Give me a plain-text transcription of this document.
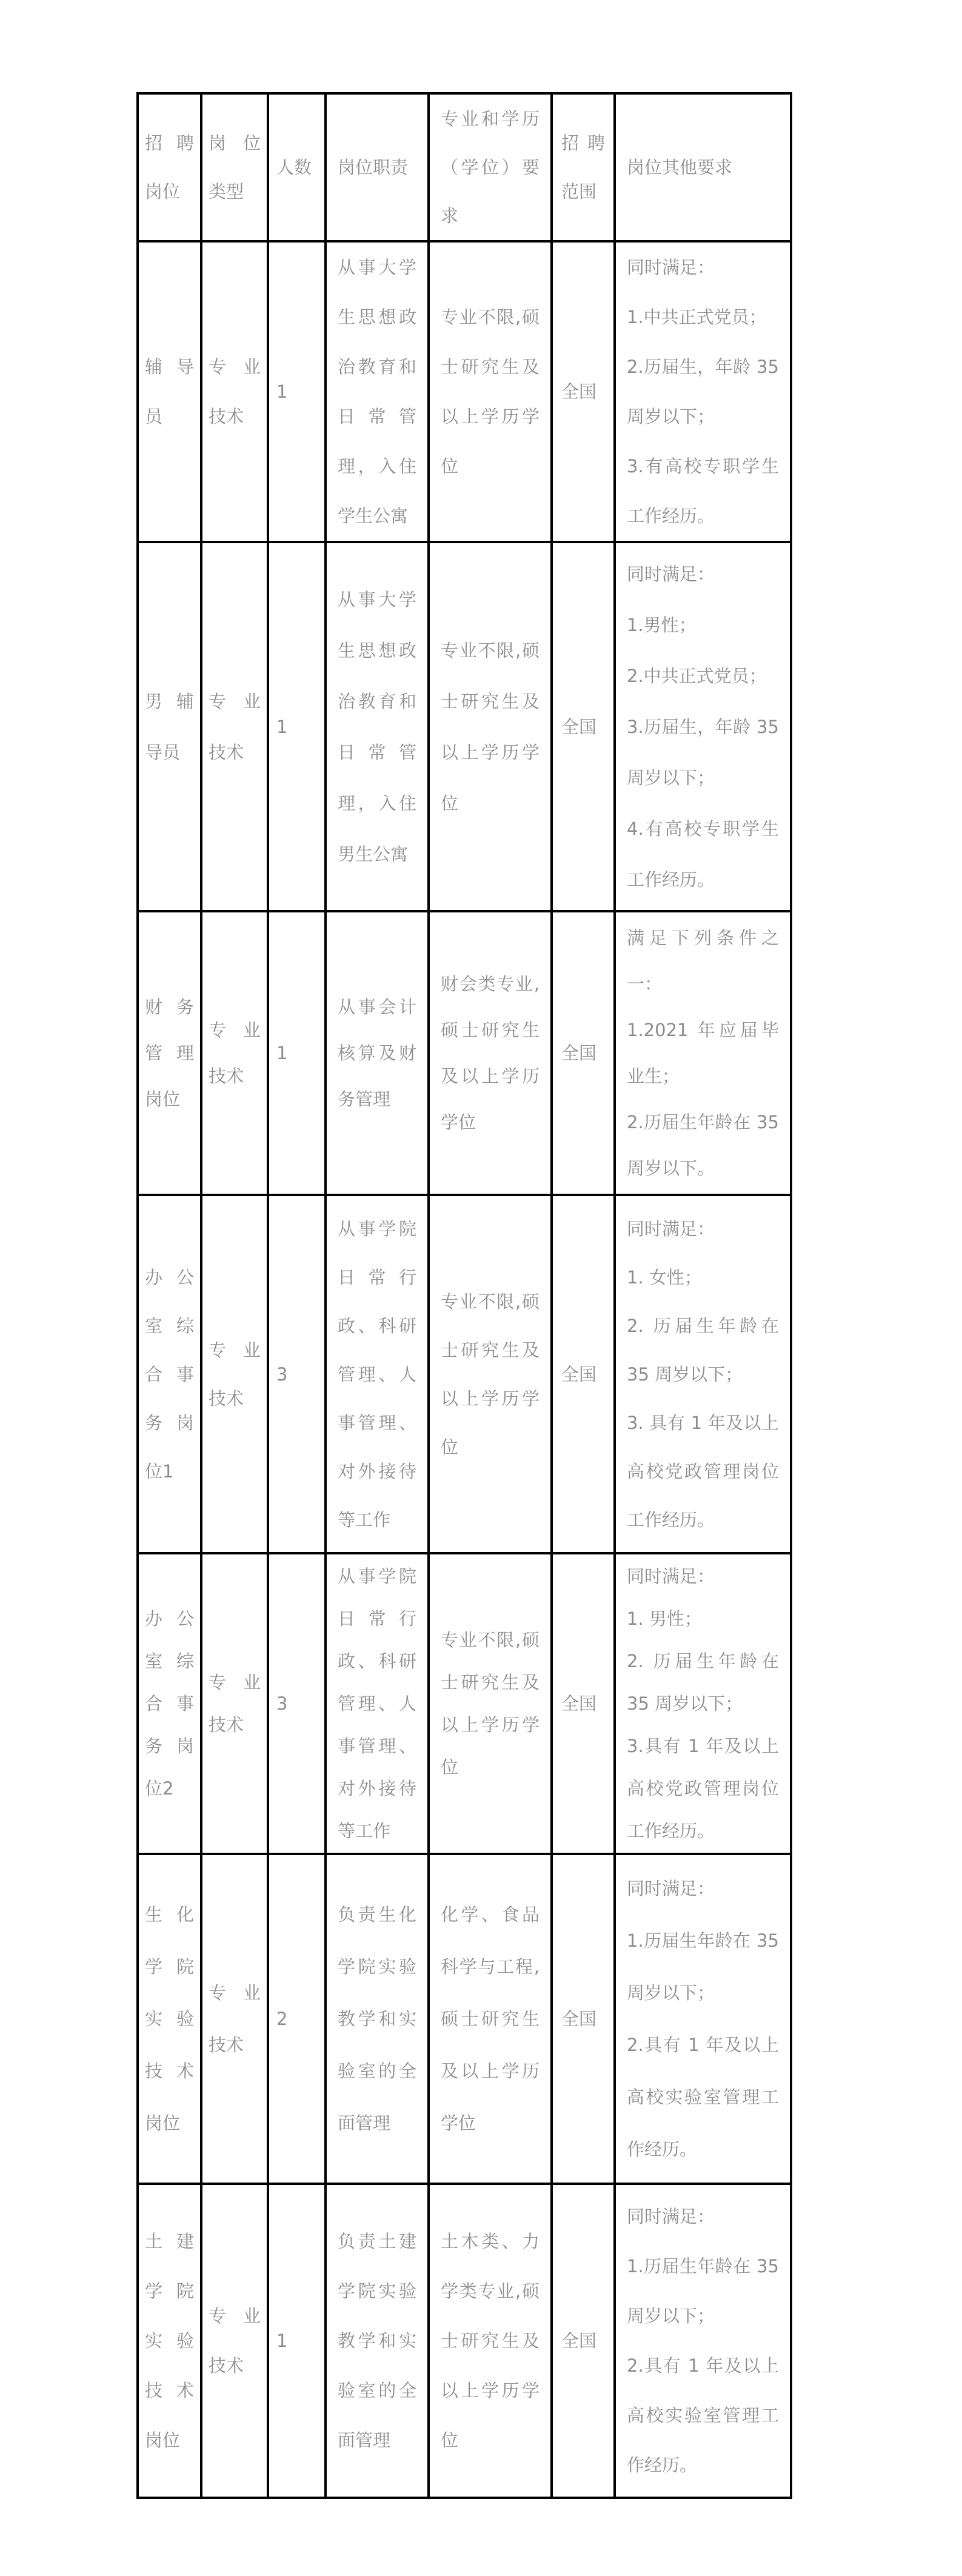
招聘岗位	岗位类型	人数	岗位职责	专业和学历（学位）要求	招聘范围	岗位其他要求
辅导员	专业技术	1	从事大学生思想政治教育和日常管理，入住学生公寓	专业不限,硕士研究生及以上学历学位	全国	同时满足：
1.中共正式党员；
2.历届生，年龄 35 周岁以下；
3.有高校专职学生工作经历。

男辅导员	专业技术	1	从事大学生思想政治教育和日常管理，入住男生公寓	专业不限,硕士研究生及以上学历学位	全国	同时满足：
1.男性；
2.中共正式党员；
3.历届生，年龄 35 周岁以下；
4.有高校专职学生工作经历。

财务管理岗位	专业技术	1	从事会计核算及财务管理	财会类专业,硕士研究生及以上学历学位	全国	满足下列条件之一：
1.2021 年应届毕业生；
2.历届生年龄在 35 周岁以下。

办公室综合事务岗位1	专业技术	3	从事学院日常行政、科研管理、人事管理、对外接待等工作	专业不限,硕士研究生及以上学历学位	全国	同时满足：
1. 女性；
2. 历届生年龄在 35 周岁以下；
3. 具有 1 年及以上高校党政管理岗位工作经历。

办公室综合事务岗位2	专业技术	3	从事学院日常行政、科研管理、人事管理、对外接待等工作	专业不限,硕士研究生及以上学历学位	全国	同时满足：
1. 男性；
2. 历届生年龄在 35 周岁以下；
3.具有 1 年及以上高校党政管理岗位工作经历。

生化学院实验技术岗位	专业技术	2	负责生化学院实验教学和实验室的全面管理	化学、食品科学与工程,硕士研究生及以上学历学位	全国	同时满足：
1.历届生年龄在 35 周岁以下；
2.具有 1 年及以上高校实验室管理工作经历。

土建学院实验技术岗位	专业技术	1	负责土建学院实验教学和实验室的全面管理	土木类、力学类专业,硕士研究生及以上学历学位	全国	同时满足：
1.历届生年龄在 35 周岁以下；
2.具有 1 年及以上高校实验室管理工作经历。
